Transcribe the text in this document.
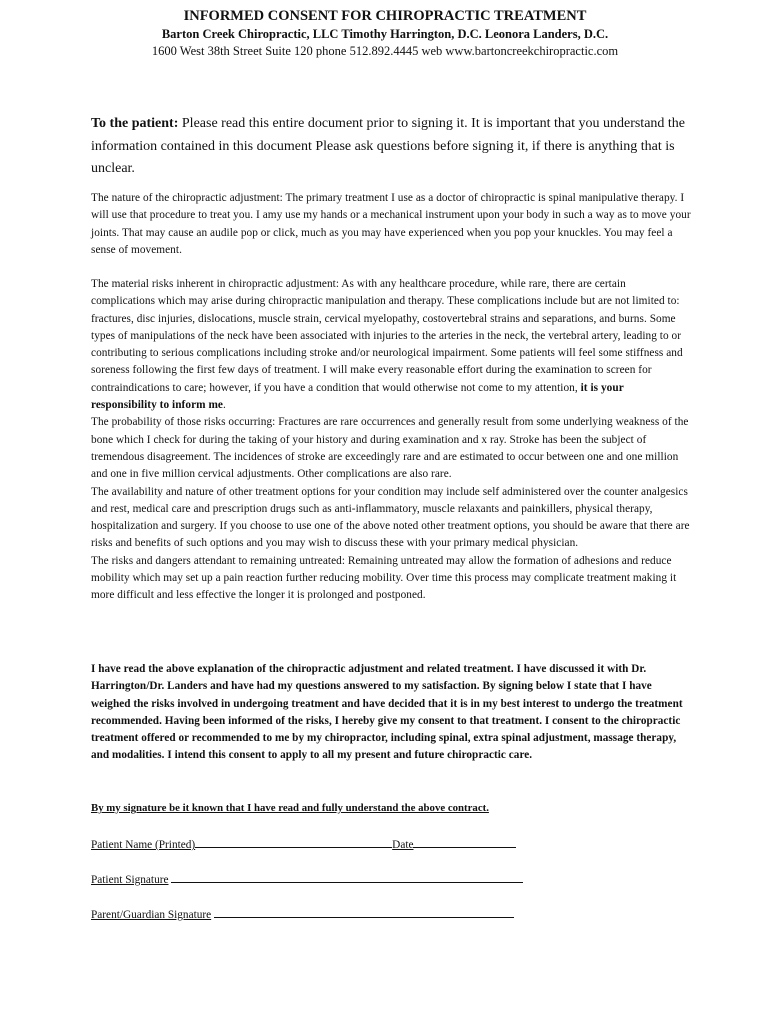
INFORMED CONSENT FOR CHIROPRACTIC TREATMENT
Barton Creek Chiropractic, LLC Timothy Harrington, D.C. Leonora Landers, D.C.
1600 West 38th Street Suite 120 phone 512.892.4445 web www.bartoncreekchiropractic.com
To the patient: Please read this entire document prior to signing it. It is important that you understand the information contained in this document Please ask questions before signing it, if there is anything that is unclear.
The nature of the chiropractic adjustment: The primary treatment I use as a doctor of chiropractic is spinal manipulative therapy. I will use that procedure to treat you. I amy use my hands or a mechanical instrument upon your body in such a way as to move your joints. That may cause an audile pop or click, much as you may have experienced when you pop your knuckles. You may feel a sense of movement.
The material risks inherent in chiropractic adjustment: As with any healthcare procedure, while rare, there are certain complications which may arise during chiropractic manipulation and therapy. These complications include but are not limited to: fractures, disc injuries, dislocations, muscle strain, cervical myelopathy, costovertebral strains and separations, and burns. Some types of manipulations of the neck have been associated with injuries to the arteries in the neck, the vertebral artery, leading to or contributing to serious complications including stroke and/or neurological impairment. Some patients will feel some stiffness and soreness following the first few days of treatment. I will make every reasonable effort during the examination to screen for contraindications to care; however, if you have a condition that would otherwise not come to my attention, it is your responsibility to inform me.
The probability of those risks occurring: Fractures are rare occurrences and generally result from some underlying weakness of the bone which I check for during the taking of your history and during examination and x ray. Stroke has been the subject of tremendous disagreement. The incidences of stroke are exceedingly rare and are estimated to occur between one and one million and one in five million cervical adjustments. Other complications are also rare.
The availability and nature of other treatment options for your condition may include self administered over the counter analgesics and rest, medical care and prescription drugs such as anti-inflammatory, muscle relaxants and painkillers, physical therapy, hospitalization and surgery. If you choose to use one of the above noted other treatment options, you should be aware that there are risks and benefits of such options and you may wish to discuss these with your primary medical physician.
The risks and dangers attendant to remaining untreated: Remaining untreated may allow the formation of adhesions and reduce mobility which may set up a pain reaction further reducing mobility. Over time this process may complicate treatment making it more difficult and less effective the longer it is prolonged and postponed.
I have read the above explanation of the chiropractic adjustment and related treatment. I have discussed it with Dr. Harrington/Dr. Landers and have had my questions answered to my satisfaction. By signing below I state that I have weighed the risks involved in undergoing treatment and have decided that it is in my best interest to undergo the treatment recommended. Having been informed of the risks, I hereby give my consent to that treatment. I consent to the chiropractic treatment offered or recommended to me by my chiropractor, including spinal, extra spinal adjustment, massage therapy, and modalities. I intend this consent to apply to all my present and future chiropractic care.
By my signature be it known that I have read and fully understand the above contract.
Patient Name (Printed)	Date
Patient Signature
Parent/Guardian Signature
